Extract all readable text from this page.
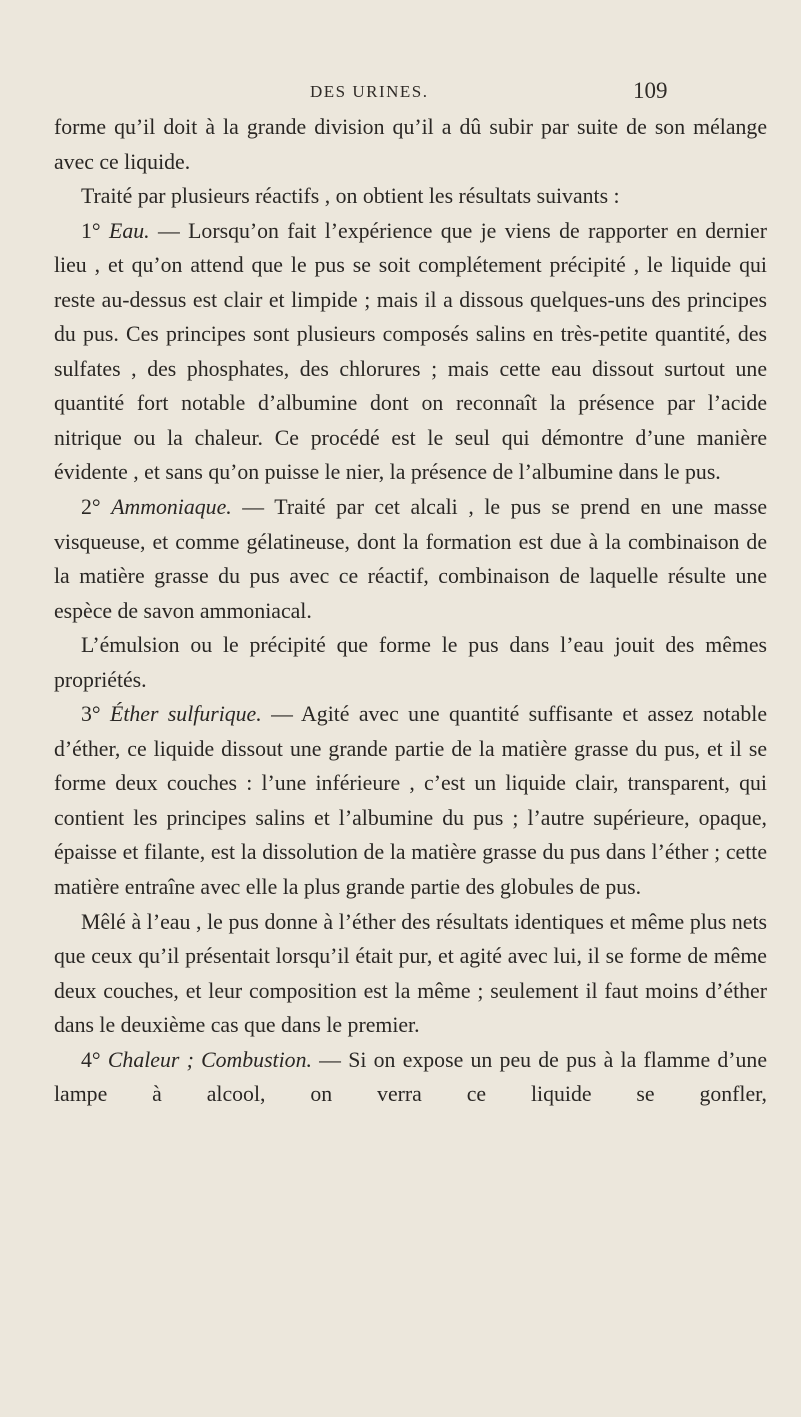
DES URINES.	109

forme qu’il doit à la grande division qu’il a dû subir par suite de son mélange avec ce liquide.

Traité par plusieurs réactifs , on obtient les résultats suivants :

1° Eau. — Lorsqu’on fait l’expérience que je viens de rapporter en dernier lieu , et qu’on attend que le pus se soit complétement précipité , le liquide qui reste au-dessus est clair et limpide ; mais il a dissous quelques-uns des principes du pus. Ces principes sont plusieurs composés salins en très-petite quantité, des sulfates , des phosphates, des chlorures ; mais cette eau dissout surtout une quantité fort notable d’albumine dont on reconnaît la présence par l’acide nitrique ou la chaleur. Ce procédé est le seul qui démontre d’une manière évidente , et sans qu’on puisse le nier, la présence de l’albumine dans le pus.

2° Ammoniaque. — Traité par cet alcali , le pus se prend en une masse visqueuse, et comme gélatineuse, dont la formation est due à la combinaison de la matière grasse du pus avec ce réactif, combinaison de laquelle résulte une espèce de savon ammoniacal.

L’émulsion ou le précipité que forme le pus dans l’eau jouit des mêmes propriétés.

3° Éther sulfurique. — Agité avec une quantité suffisante et assez notable d’éther, ce liquide dissout une grande partie de la matière grasse du pus, et il se forme deux couches : l’une inférieure , c’est un liquide clair, transparent, qui contient les principes salins et l’albumine du pus ; l’autre supérieure, opaque, épaisse et filante, est la dissolution de la matière grasse du pus dans l’éther ; cette matière entraîne avec elle la plus grande partie des globules de pus.

Mêlé à l’eau , le pus donne à l’éther des résultats identiques et même plus nets que ceux qu’il présentait lorsqu’il était pur, et agité avec lui, il se forme de même deux couches, et leur composition est la même ; seulement il faut moins d’éther dans le deuxième cas que dans le premier.

4° Chaleur ; Combustion. — Si on expose un peu de pus à la flamme d’une lampe à alcool, on verra ce liquide se gonfler,
